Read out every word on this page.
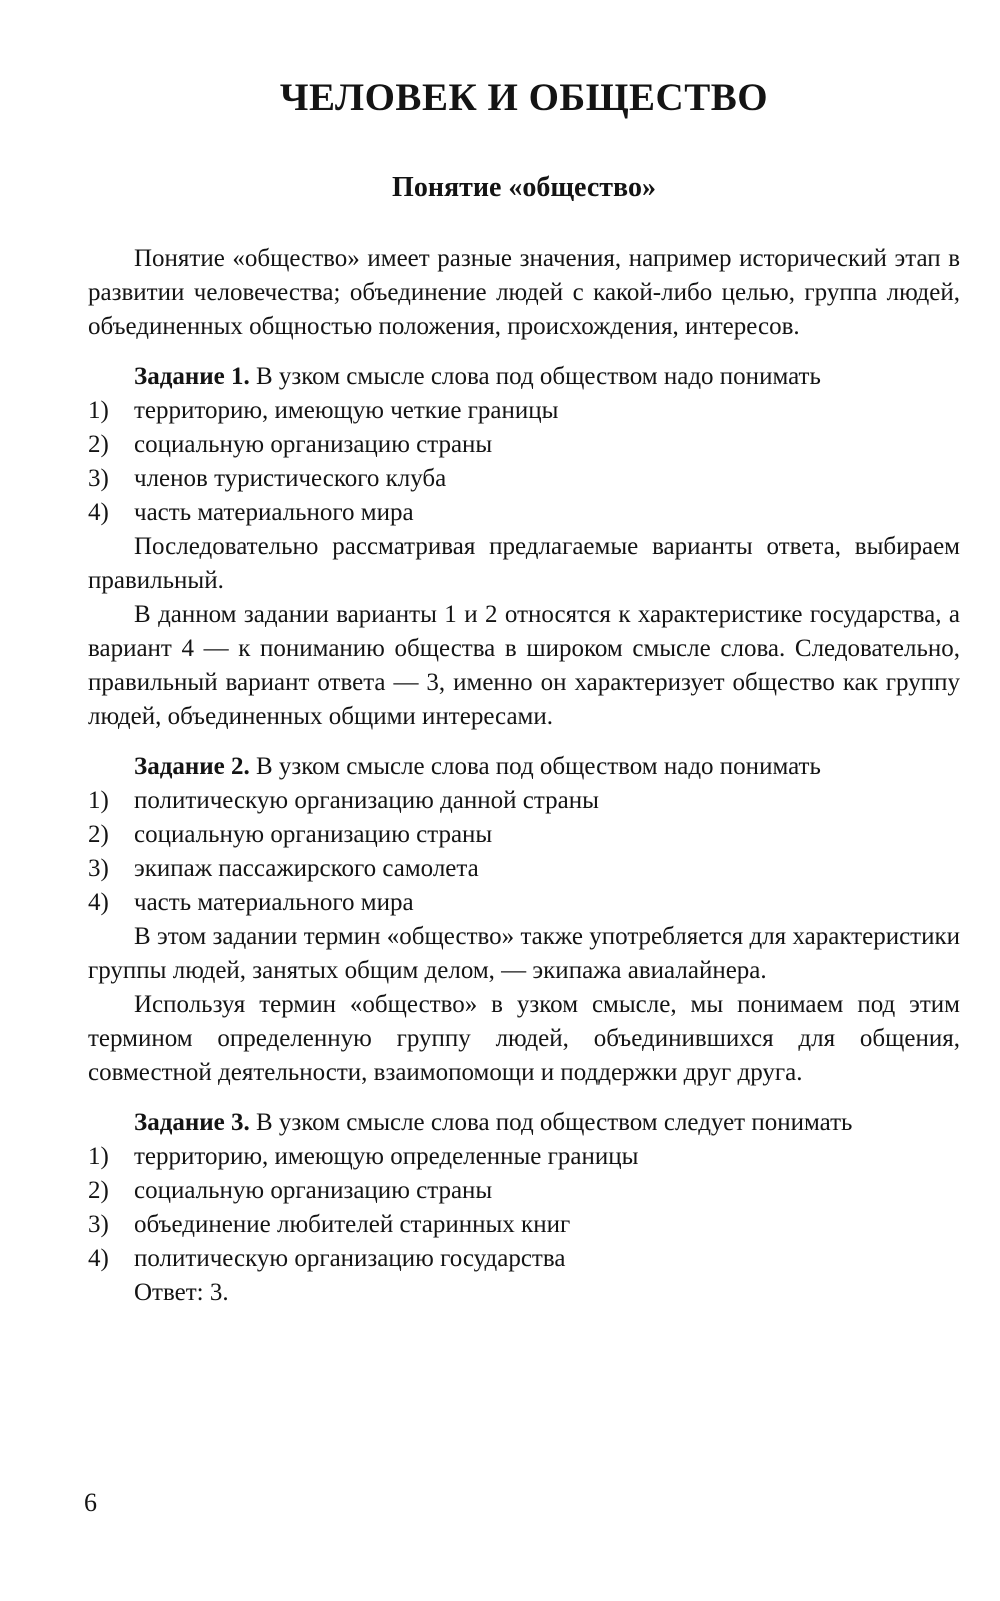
ЧЕЛОВЕК И ОБЩЕСТВО
Понятие «общество»

Понятие «общество» имеет разные значения, например исторический этап в развитии человечества; объединение людей с какой-либо целью, группа людей, объединенных общностью положения, происхождения, интересов.

Задание 1. В узком смысле слова под обществом надо понимать

1)	территорию, имеющую четкие границы
2)	социальную организацию страны
3)	членов туристического клуба
4)	часть материального мира

Последовательно рассматривая предлагаемые варианты ответа, выбираем правильный.

В данном задании варианты 1 и 2 относятся к характеристике государства, а вариант 4 — к пониманию общества в широком смысле слова. Следовательно, правильный вариант ответа — 3, именно он характеризует общество как группу людей, объединенных общими интересами.

Задание 2. В узком смысле слова под обществом надо понимать

1)	политическую организацию данной страны
2)	социальную организацию страны
3)	экипаж пассажирского самолета
4)	часть материального мира

В этом задании термин «общество» также употребляется для характеристики группы людей, занятых общим делом, — экипажа авиалайнера.

Используя термин «общество» в узком смысле, мы понимаем под этим термином определенную группу людей, объединившихся для общения, совместной деятельности, взаимопомощи и поддержки друг друга.

Задание 3. В узком смысле слова под обществом следует понимать

1)	территорию, имеющую определенные границы
2)	социальную организацию страны
3)	объединение любителей старинных книг
4)	политическую организацию государства

Ответ: 3.

6
